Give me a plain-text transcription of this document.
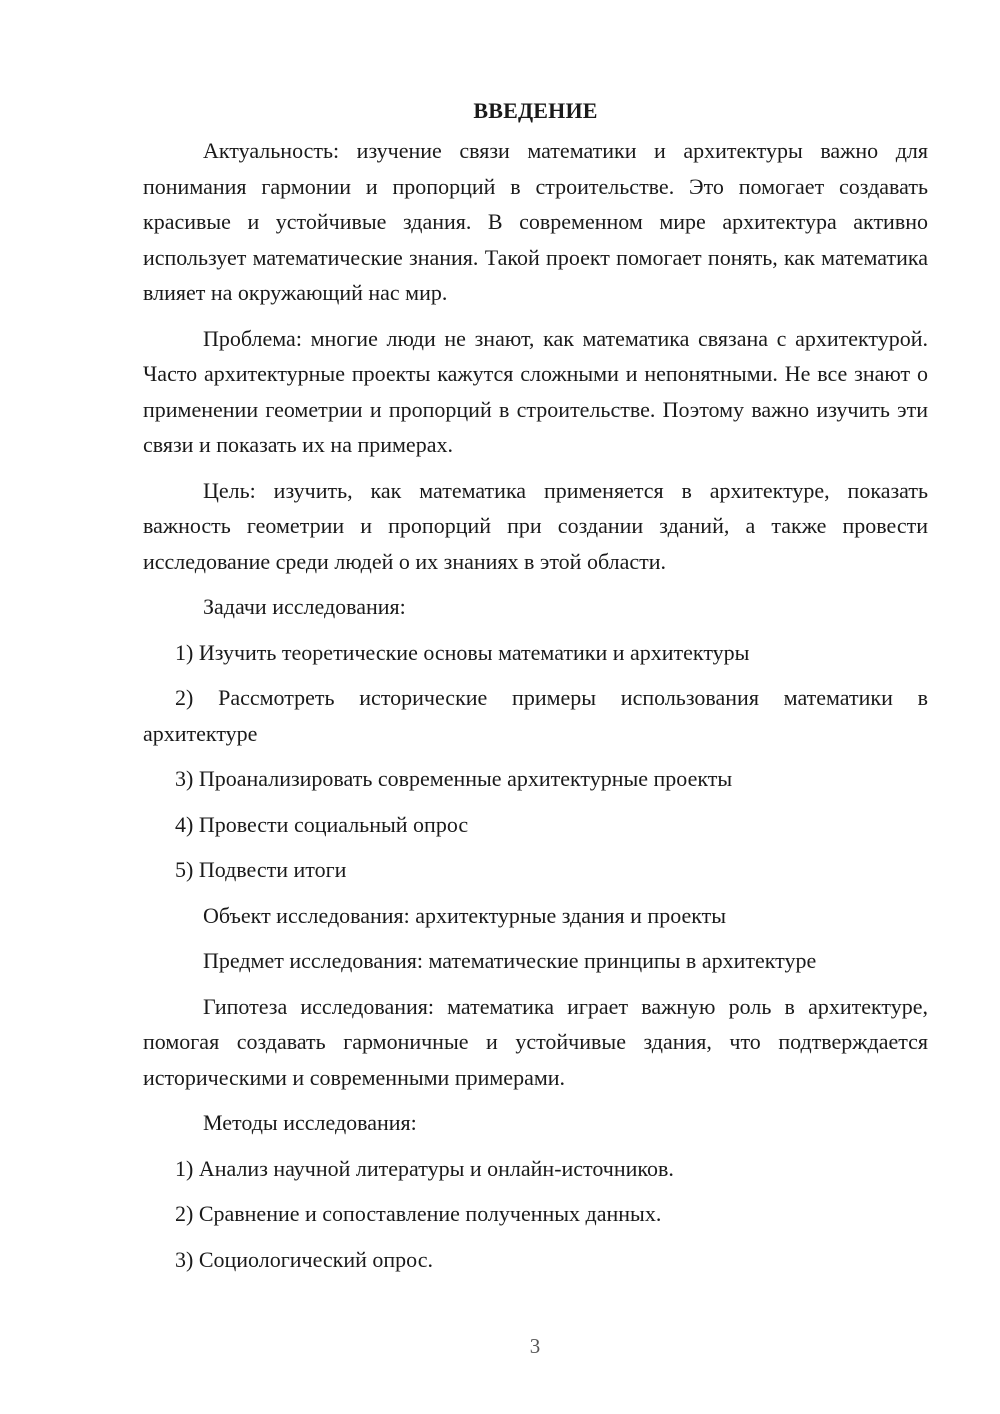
ВВЕДЕНИЕ

Актуальность: изучение связи математики и архитектуры важно для понимания гармонии и пропорций в строительстве. Это помогает создавать красивые и устойчивые здания. В современном мире архитектура активно использует математические знания. Такой проект помогает понять, как математика влияет на окружающий нас мир.

Проблема: многие люди не знают, как математика связана с архитектурой. Часто архитектурные проекты кажутся сложными и непонятными. Не все знают о применении геометрии и пропорций в строительстве. Поэтому важно изучить эти связи и показать их на примерах.

Цель: изучить, как математика применяется в архитектуре, показать важность геометрии и пропорций при создании зданий, а также провести исследование среди людей о их знаниях в этой области.

Задачи исследования:

1) Изучить теоретические основы математики и архитектуры

2) Рассмотреть исторические примеры использования математики в архитектуре

3) Проанализировать современные архитектурные проекты

4) Провести социальный опрос

5) Подвести итоги

Объект исследования: архитектурные здания и проекты

Предмет исследования: математические принципы в архитектуре

Гипотеза исследования: математика играет важную роль в архитектуре, помогая создавать гармоничные и устойчивые здания, что подтверждается историческими и современными примерами.

Методы исследования:

1) Анализ научной литературы и онлайн-источников.

2) Сравнение и сопоставление полученных данных.

3) Социологический опрос.

3
